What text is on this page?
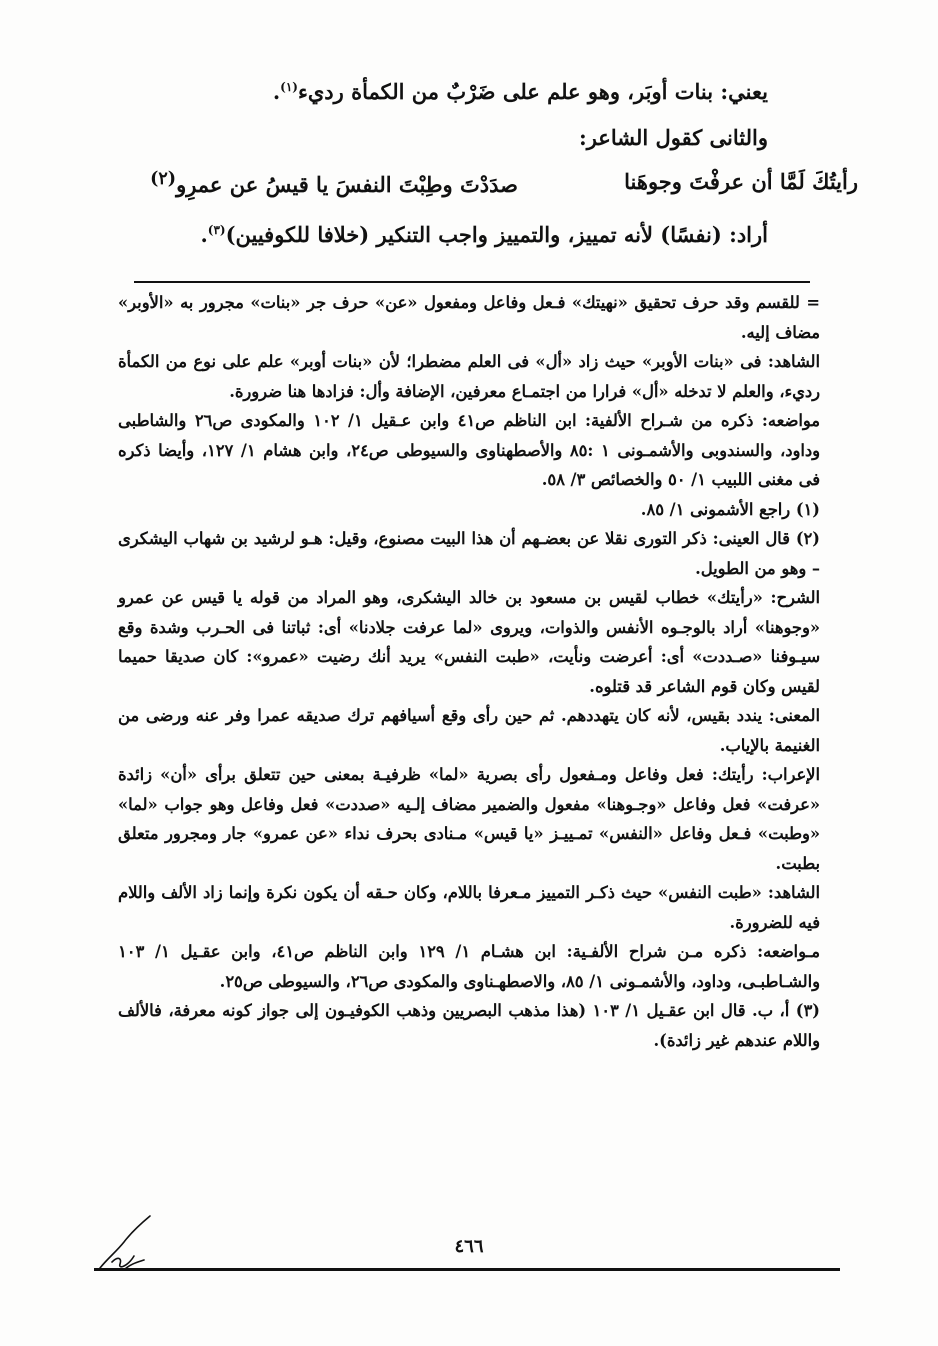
يعني: بنات أوبَر، وهو علم على ضَرْبٌ من الكمأة رديء$^{(١)}$.

والثانى كقول الشاعر:

رأيتُكَ لَمَّا أن عرفْتَ وجوهَنا
صدَدْتَ وطِبْتَ النفسَ يا قيسُ عن عمرِو$^{(٢)}$

أراد: (نفسًا) لأنه تمييز، والتمييز واجب التنكير (خلافا للكوفيين)$^{(٣)}$.

= للقسم وقد حرف تحقيق «نهيتك» فـعل وفاعل ومفعول «عن» حرف جر «بنات» مجرور به «الأوبر» مضاف إليه.

الشاهد: فى «بنات الأوبر» حيث زاد «أل» فى العلم مضطرا؛ لأن «بنات أوبر» علم على نوع من الكمأة رديء، والعلم لا تدخله «أل» فرارا من اجتمـاع معرفين، الإضافة وأل: فزادها هنا ضرورة.

مواضعه: ذكره من شـراح الألفية: ابن الناظم ص٤١ وابن عـقيل ١/ ١٠٢ والمكودى ص٢٦ والشاطبى وداود، والسندوبى والأشمـونى ١ :٨٥ والأصطهناوى والسيوطى ص٢٤، وابن هشام ١/ ١٢٧، وأيضا ذكره فى مغنى اللبيب ١/ ٥٠ والخصائص ٣/ ٥٨.

(١) راجع الأشمونى ١/ ٨٥.

(٢) قال العينى: ذكر التورى نقلا عن بعضـهم أن هذا البيت مصنوع، وقيل: هـو لرشيد بن شهاب اليشكرى – وهو من الطويل.

الشرح: «رأيتك» خطاب لقيس بن مسعود بن خالد اليشكرى، وهو المراد من قوله يا قيس عن عمرو «وجوهنا» أراد بالوجـوه الأنفس والذوات، ويروى «لما عرفت جلادنا» أى: ثباتنا فى الحـرب وشدة وقع سيـوفنا «صـددت» أى: أعرضت ونأيت، «طبت النفس» يريد أنك رضيت «عمرو»: كان صديقا حميما لقيس وكان قوم الشاعر قد قتلوه.

المعنى: يندد بقيس، لأنه كان يتهددهم. ثم حين رأى وقع أسيافهم ترك صديقه عمرا وفر عنه ورضى من الغنيمة بالإياب.

الإعراب: رأيتك: فعل وفاعل ومـفعول رأى بصرية «لما» ظرفيـة بمعنى حين تتعلق برأى «أن» زائدة «عرفت» فعل وفاعل «وجـوهنا» مفعول والضمير مضاف إلـيه «صددت» فعل وفاعل وهو جواب «لما» «وطبت» فـعل وفاعل «النفس» تمـييـز «يا قيس» مـنادى بحرف نداء «عن عمرو» جار ومجرور متعلق بطبت.

الشاهد: «طبت النفس» حيث ذكـر التمييز مـعرفا باللام، وكان حـقه أن يكون نكرة وإنما زاد الألف واللام فيه للضرورة.

مـواضعه: ذكره مـن شراح الألفـية: ابن هشـام ١/ ١٢٩ وابن الناظم ص٤١، وابن عقـيل ١/ ١٠٣ والشـاطبـى، وداود، والأشمـونى ١/ ٨٥، والاصطهـناوى والمكودى ص٢٦، والسيوطى ص٢٥.

(٣) أ، ب. قال ابن عقـيل ١/ ١٠٣ (هذا مذهب البصريين وذهب الكوفيـون إلى جواز كونه معرفة، فالألف واللام عندهم غير زائدة).

٤٦٦
